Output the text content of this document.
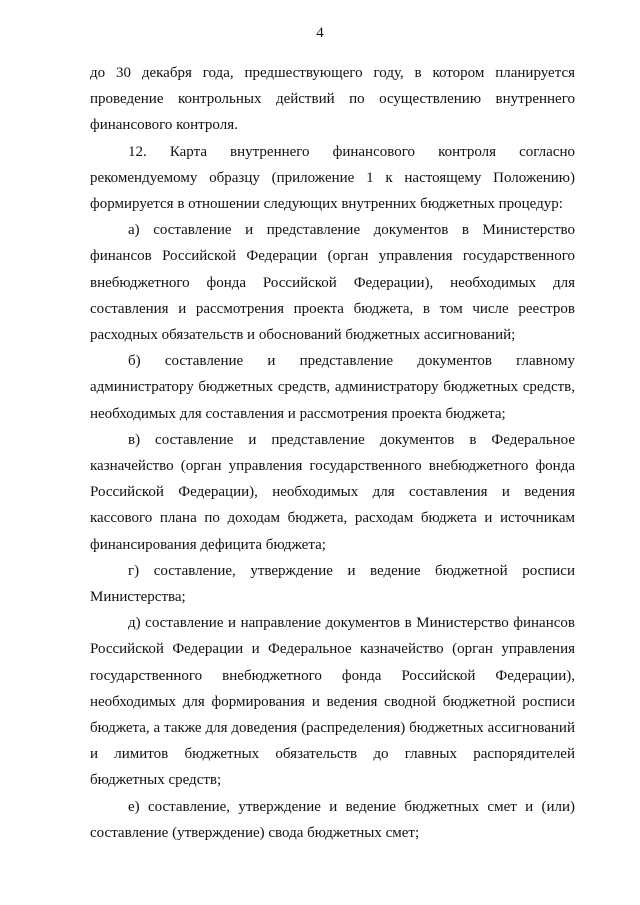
4

до 30 декабря года, предшествующего году, в котором планируется проведение контрольных действий по осуществлению внутреннего финансового контроля.

12. Карта внутреннего финансового контроля согласно рекомендуемому образцу (приложение 1 к настоящему Положению) формируется в отношении следующих внутренних бюджетных процедур:

а) составление и представление документов в Министерство финансов Российской Федерации (орган управления государственного внебюджетного фонда Российской Федерации), необходимых для составления и рассмотрения проекта бюджета, в том числе реестров расходных обязательств и обоснований бюджетных ассигнований;

б) составление и представление документов главному администратору бюджетных средств, администратору бюджетных средств, необходимых для составления и рассмотрения проекта бюджета;

в) составление и представление документов в Федеральное казначейство (орган управления государственного внебюджетного фонда Российской Федерации), необходимых для составления и ведения кассового плана по доходам бюджета, расходам бюджета и источникам финансирования дефицита бюджета;

г) составление, утверждение и ведение бюджетной росписи Министерства;

д) составление и направление документов в Министерство финансов Российской Федерации и Федеральное казначейство (орган управления государственного внебюджетного фонда Российской Федерации), необходимых для формирования и ведения сводной бюджетной росписи бюджета, а также для доведения (распределения) бюджетных ассигнований и лимитов бюджетных обязательств до главных распорядителей бюджетных средств;

е) составление, утверждение и ведение бюджетных смет и (или) составление (утверждение) свода бюджетных смет;
